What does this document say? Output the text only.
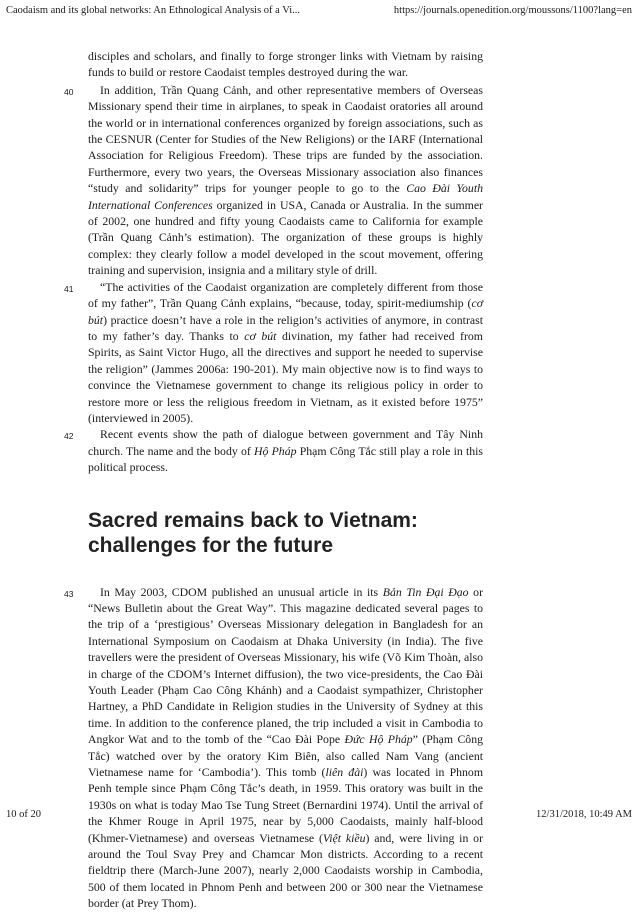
Caodaism and its global networks: An Ethnological Analysis of a Vi...	https://journals.openedition.org/moussons/1100?lang=en

disciples and scholars, and finally to forge stronger links with Vietnam by raising funds to build or restore Caodaist temples destroyed during the war.

40	In addition, Trần Quang Cảnh, and other representative members of Overseas Missionary spend their time in airplanes, to speak in Caodaist oratories all around the world or in international conferences organized by foreign associations, such as the CESNUR (Center for Studies of the New Religions) or the IARF (International Association for Religious Freedom). These trips are funded by the association. Furthermore, every two years, the Overseas Missionary association also finances “study and solidarity” trips for younger people to go to the Cao Đài Youth International Conferences organized in USA, Canada or Australia. In the summer of 2002, one hundred and fifty young Caodaists came to California for example (Trần Quang Cảnh’s estimation). The organization of these groups is highly complex: they clearly follow a model developed in the scout movement, offering training and supervision, insignia and a military style of drill.

41	“The activities of the Caodaist organization are completely different from those of my father”, Trần Quang Cảnh explains, “because, today, spirit-mediumship (cơ bút) practice doesn’t have a role in the religion’s activities of anymore, in contrast to my father’s day. Thanks to cơ bút divination, my father had received from Spirits, as Saint Victor Hugo, all the directives and support he needed to supervise the religion” (Jammes 2006a: 190-201). My main objective now is to find ways to convince the Vietnamese government to change its religious policy in order to restore more or less the religious freedom in Vietnam, as it existed before 1975” (interviewed in 2005).

42	Recent events show the path of dialogue between government and Tây Ninh church. The name and the body of Hộ Pháp Phạm Công Tắc still play a role in this political process.

Sacred remains back to Vietnam: challenges for the future

43	In May 2003, CDOM published an unusual article in its Bản Tin Đại Đạo or “News Bulletin about the Great Way”. This magazine dedicated several pages to the trip of a ‘prestigious’ Overseas Missionary delegation in Bangladesh for an International Symposium on Caodaism at Dhaka University (in India). The five travellers were the president of Overseas Missionary, his wife (Võ Kim Thoàn, also in charge of the CDOM’s Internet diffusion), the two vice-presidents, the Cao Đài Youth Leader (Phạm Cao Công Khánh) and a Caodaist sympathizer, Christopher Hartney, a PhD Candidate in Religion studies in the University of Sydney at this time. In addition to the conference planed, the trip included a visit in Cambodia to Angkor Wat and to the tomb of the “Cao Đài Pope Đức Hộ Pháp” (Phạm Công Tắc) watched over by the oratory Kim Biên, also called Nam Vang (ancient Vietnamese name for ‘Cambodia’). This tomb (liên đài) was located in Phnom Penh temple since Phạm Công Tắc’s death, in 1959. This oratory was built in the 1930s on what is today Mao Tse Tung Street (Bernardini 1974). Until the arrival of the Khmer Rouge in April 1975, near by 5,000 Caodaists, mainly half-blood (Khmer-Vietnamese) and overseas Vietnamese (Việt kiều) and, were living in or around the Toul Svay Prey and Chamcar Mon districts. According to a recent fieldtrip there (March-June 2007), nearly 2,000 Caodaists worship in Cambodia, 500 of them located in Phnom Penh and between 200 or 300 near the Vietnamese border (at Prey Thom).

10 of 20	12/31/2018, 10:49 AM
